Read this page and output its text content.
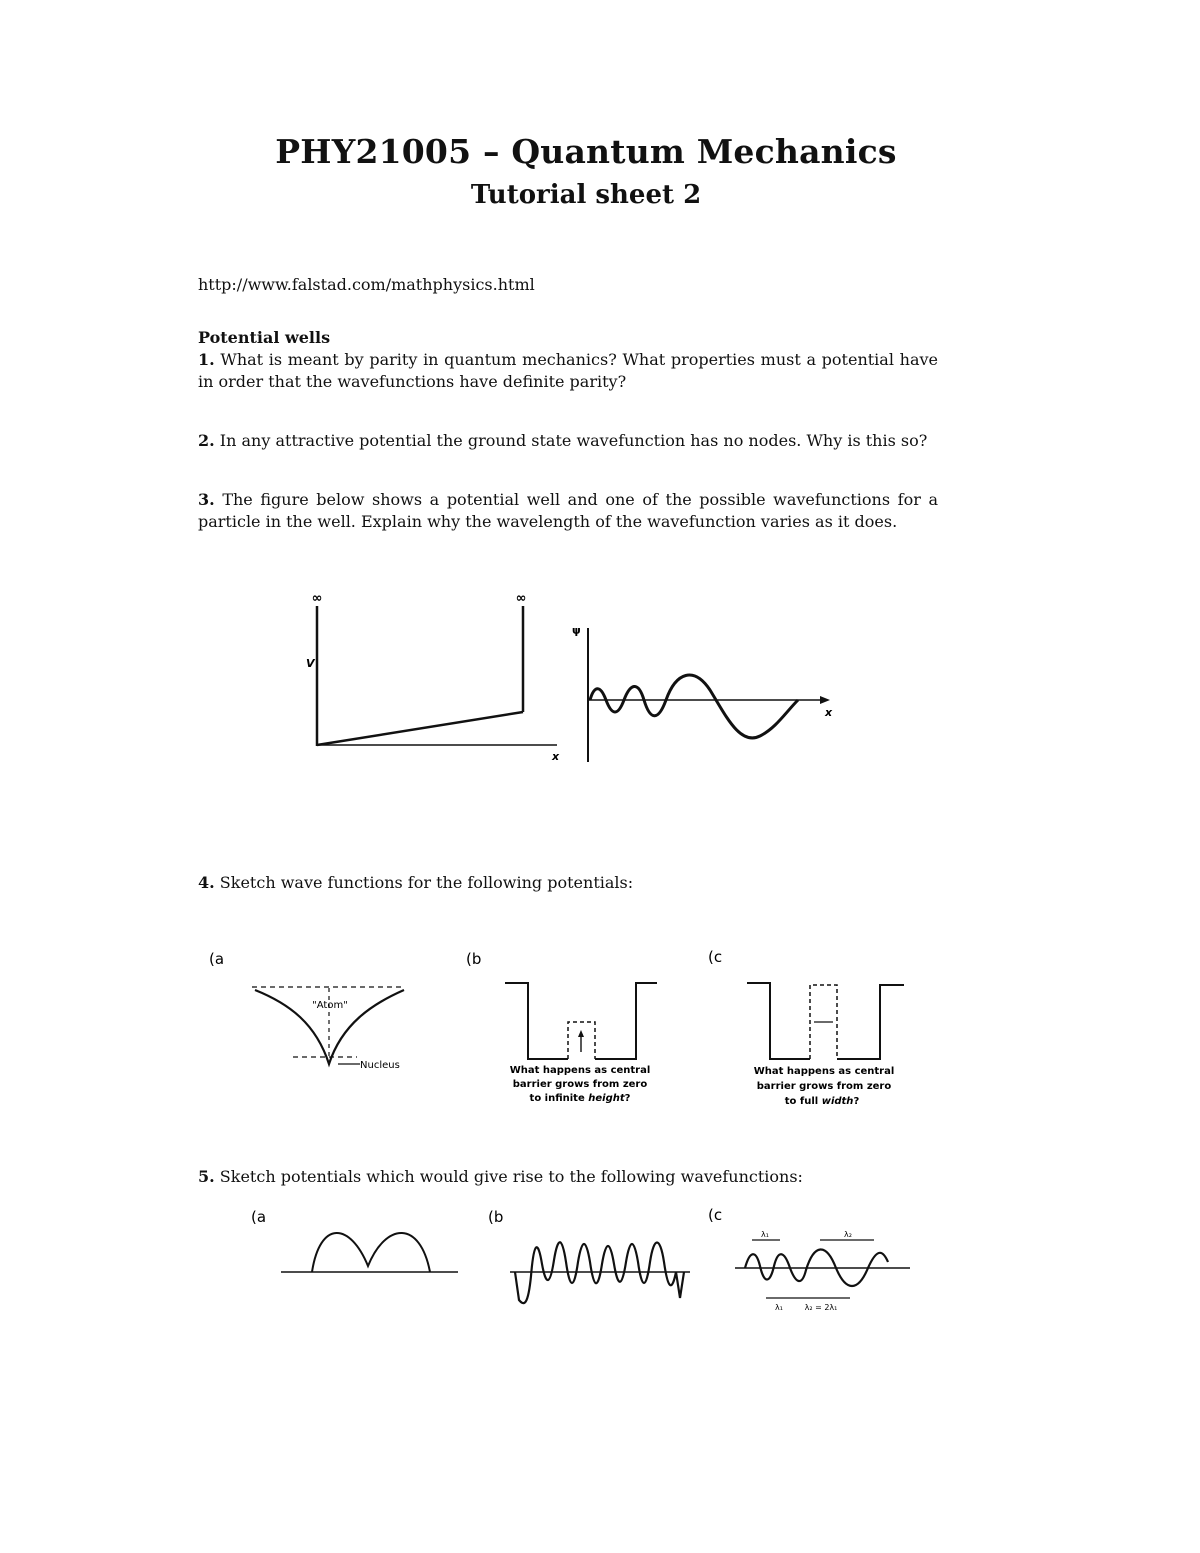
PHY21005 – Quantum Mechanics
Tutorial sheet 2
http://www.falstad.com/mathphysics.html
Potential wells
1. What is meant by parity in quantum mechanics? What properties must a potential have in order that the wavefunctions have definite parity?
2. In any attractive potential the ground state wavefunction has no nodes. Why is this so?
3. The figure below shows a potential well and one of the possible wavefunctions for a particle in the well. Explain why the wavelength of the wavefunction varies as it does.
∞	∞
V
x
ψ
x
4. Sketch wave functions for the following potentials:
(a
"Atom"
Nucleus
(b
What happens as central
barrier grows from zero
to infinite height?
(c
What happens as central
barrier grows from zero
to full width?
5. Sketch potentials which would give rise to the following wavefunctions:
(a	(b	(c
λ₁	λ₂
λ₁	λ₂ = 2λ₁
